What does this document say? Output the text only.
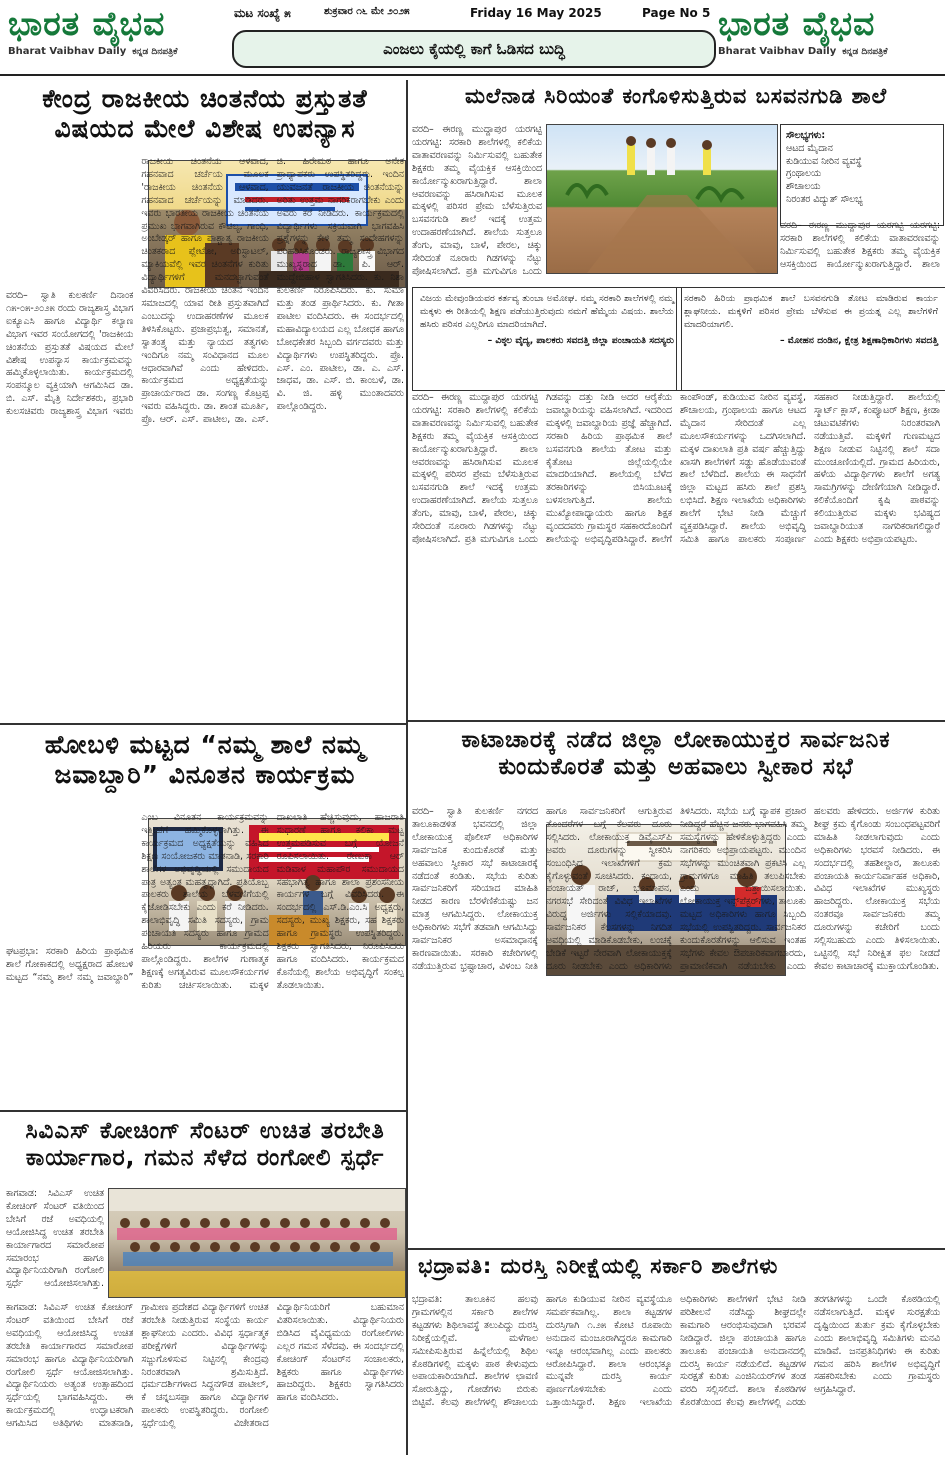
ಭಾರತ ವೈಭವ
Bharat Vaibhav Daily ಕನ್ನಡ ದಿನಪತ್ರಿಕೆ
ಮಟ ಸಂಖ್ಯೆ ೫	ಶುಕ್ರವಾರ ೧೬ ಮೇ ೨೦೨೫	Friday 16 May 2025	Page No 5
ಎಂಜಲು ಕೈಯಲ್ಲಿ ಕಾಗೆ ಓಡಿಸದ ಬುದ್ಧಿ
ಭಾರತ ವೈಭವ
Bharat Vaibhav Daily ಕನ್ನಡ ದಿನಪತ್ರಿಕೆ
ಕೇಂದ್ರ ರಾಜಕೀಯ ಚಿಂತನೆಯ ಪ್ರಸ್ತುತತೆ ವಿಷಯದ ಮೇಲೆ ವಿಶೇಷ ಉಪನ್ಯಾಸ
ವರದಿ– ಸ್ವಾತಿ ಕುಲಕರ್ಣಿ ದಿನಾಂಕ ೧೫-೦೫-೨೦೨೫ ರಂದು ರಾಜ್ಯಶಾಸ್ತ್ರ ವಿಭಾಗ ಐಕ್ಯೂಎಸಿ ಹಾಗೂ ವಿದ್ಯಾರ್ಥಿ ಕಲ್ಯಾಣ ವಿಭಾಗ ಇವರ ಸಂಯೋಗದಲ್ಲಿ 'ರಾಜಕೀಯ ಚಿಂತನೆಯ ಪ್ರಸ್ತುತತೆ ವಿಷಯದ ಮೇಲೆ ವಿಶೇಷ ಉಪನ್ಯಾಸ ಕಾರ್ಯಕ್ರಮವನ್ನು ಹಮ್ಮಿಕೊಳ್ಳಲಾಯಿತು. ಕಾರ್ಯಕ್ರಮದಲ್ಲಿ ಸಂಪನ್ಮೂಲ ವ್ಯಕ್ತಿಯಾಗಿ ಆಗಮಿಸಿದ ಡಾ. ಬಿ. ಎಸ್. ಮೈತ್ರಿ ನಿರ್ದೇಶಕರು, ಪ್ರಭಾರಿ ಕುಲಸಚಿವರು ರಾಜ್ಯಶಾಸ್ತ್ರ ವಿಭಾಗ ಇವರು ರಾಜಕೀಯ ಚಿಂತನೆಯ ಆಳವಾದ, ಗಹನವಾದ ಚರ್ಚೆಯ ಮೂಲಕ 'ರಾಜಕೀಯ ಚಿಂತನೆಯ ಆಳವಾದ, ಗಹನವಾದ ಚರ್ಚೆಯನ್ನು ಮಾಡಿದರು. ಇವರು ಭಾರತೀಯ ರಾಜಕೀಯ ಚಿಂತನೆಯ ಪ್ರಮುಖ ಭಾಗವಾಗಿರುವ ಕೌಟಿಲ್ಯ, ಗಾಂಧಿ, ಅಂಬೇಡ್ಕರ್ ಹಾಗೂ ಪಾಶ್ಚಾತ್ಯ ರಾಜಕೀಯ ಚಿಂತಕರಾದ ಪ್ಲೇಟೋ, ಅರಿಸ್ಟಾಟಲ್, ಮ್ಯಾಕಿಯವೆಲ್ಲಿ ಇವರ ಚಿಂತನೆಗಳ ಕುರಿತು ವಿದ್ಯಾರ್ಥಿಗಳಿಗೆ ಮನದಟ್ಟಾಗುವಂತೆ ವಿವರಿಸಿದರು. ರಾಜಕೀಯ ಚಿಂತನೆ ಇಂದಿನ ಸಮಾಜದಲ್ಲಿ ಯಾವ ರೀತಿ ಪ್ರಸ್ತುತವಾಗಿದೆ ಎಂಬುದನ್ನು ಉದಾಹರಣೆಗಳ ಮೂಲಕ ತಿಳಿಸಿಕೊಟ್ಟರು. ಪ್ರಜಾಪ್ರಭುತ್ವ, ಸಮಾನತೆ, ಸ್ವಾತಂತ್ರ್ಯ ಮತ್ತು ನ್ಯಾಯದ ತತ್ವಗಳು ಇಂದಿಗೂ ನಮ್ಮ ಸಂವಿಧಾನದ ಮೂಲ ಆಧಾರವಾಗಿವೆ ಎಂದು ಹೇಳಿದರು. ಕಾರ್ಯಕ್ರಮದ ಅಧ್ಯಕ್ಷತೆಯನ್ನು ಪ್ರಾಚಾರ್ಯರಾದ ಡಾ. ಸಂಗಣ್ಣ ಕೊಟ್ರಪ್ಪ ಇವರು ವಹಿಸಿದ್ದರು. ಡಾ. ಶಾಂತ ಮೂರ್ತಿ, ಪ್ರೊ. ಆರ್. ಎಸ್. ಪಾಟೀಲ, ಡಾ. ಎಸ್. ಜಿ. ಹಿರೇಮಠ ಹಾಗೂ ಅನೇಕ ಪ್ರಾಧ್ಯಾಪಕರು ಉಪಸ್ಥಿತರಿದ್ದರು. ಇಂದಿನ ಯುವಜನತೆ ರಾಜಕೀಯ ಚಿಂತನೆಯನ್ನು ಅರಿತು ಉತ್ತಮ ನಾಗರಿಕರಾಗಬೇಕು ಎಂದು ಅವರು ಕರೆ ನೀಡಿದರು. ಕಾರ್ಯಕ್ರಮದಲ್ಲಿ ವಿದ್ಯಾರ್ಥಿಗಳು ಸಕ್ರಿಯವಾಗಿ ಭಾಗವಹಿಸಿ ಪ್ರಶ್ನೆಗಳನ್ನು ಕೇಳಿ ತಮ್ಮ ಸಂದೇಹಗಳನ್ನು ಪರಿಹರಿಸಿಕೊಂಡರು. ರಾಜ್ಯಶಾಸ್ತ್ರ ವಿಭಾಗದ ಮುಖ್ಯಸ್ಥರಾದ ಡಾ. ಪಿ. ಆರ್. ಮುದ್ದೇಬಿಹಾಳ ಸ್ವಾಗತಿಸಿದರು. ಕು. ನಿಶಾ ಕುಲಕರ್ಣಿ ನಿರೂಪಿಸಿದರು. ಕು. ಸುಮಾ ಮತ್ತು ತಂಡ ಪ್ರಾರ್ಥಿಸಿದರು. ಕು. ಗೀತಾ ಪಾಟೀಲ ವಂದಿಸಿದರು. ಈ ಸಂದರ್ಭದಲ್ಲಿ ಮಹಾವಿದ್ಯಾಲಯದ ಎಲ್ಲ ಬೋಧಕ ಹಾಗೂ ಬೋಧಕೇತರ ಸಿಬ್ಬಂದಿ ವರ್ಗದವರು ಮತ್ತು ವಿದ್ಯಾರ್ಥಿಗಳು ಉಪಸ್ಥಿತರಿದ್ದರು. ಪ್ರೊ. ಎಸ್. ಎಂ. ಪಾಟೀಲ, ಡಾ. ಎ. ಎಸ್. ಜಾಧವ, ಡಾ. ಎಸ್. ಬಿ. ಕಾಂಬಳೆ, ಡಾ. ವಿ. ಜಿ. ಹಳ್ಳಿ ಮುಂತಾದವರು ಪಾಲ್ಗೊಂಡಿದ್ದರು.
ಮಲೆನಾಡ ಸಿರಿಯಂತೆ ಕಂಗೊಳಿಸುತ್ತಿರುವ ಬಸವನಗುಡಿ ಶಾಲೆ
ಸೌಲಭ್ಯಗಳು:
ಆಟದ ಮೈದಾನ
ಕುಡಿಯುವ ನೀರಿನ ವ್ಯವಸ್ಥೆ
ಗ್ರಂಥಾಲಯ
ಶೌಚಾಲಯ
ನಿರಂತರ ವಿದ್ಯುತ್ ಸೌಲಭ್ಯ
ವರದಿ– ಈರಣ್ಣ ಮುದ್ದಾಪುರ ಯರಗಟ್ಟಿ ಯರಗಟ್ಟಿ: ಸರಕಾರಿ ಶಾಲೆಗಳಲ್ಲಿ ಕಲಿಕೆಯ ವಾತಾವರಣವನ್ನು ನಿರ್ಮಿಸುವಲ್ಲಿ ಬಹುತೇಕ ಶಿಕ್ಷಕರು ತಮ್ಮ ವೈಯಕ್ತಿಕ ಆಸಕ್ತಿಯಿಂದ ಕಾರ್ಯೋನ್ಮುಖರಾಗುತ್ತಿದ್ದಾರೆ. ಶಾಲಾ ಆವರಣವನ್ನು ಹಸಿರಾಗಿಸುವ ಮೂಲಕ ಮಕ್ಕಳಲ್ಲಿ ಪರಿಸರ ಪ್ರೇಮ ಬೆಳೆಸುತ್ತಿರುವ ಬಸವನಗುಡಿ ಶಾಲೆ ಇದಕ್ಕೆ ಉತ್ತಮ ಉದಾಹರಣೆಯಾಗಿದೆ. ಶಾಲೆಯ ಸುತ್ತಲೂ ತೆಂಗು, ಮಾವು, ಬಾಳೆ, ಪೇರಲ, ಚಿಕ್ಕು ಸೇರಿದಂತೆ ನೂರಾರು ಗಿಡಗಳನ್ನು ನೆಟ್ಟು ಪೋಷಿಸಲಾಗಿದೆ. ಪ್ರತಿ ಮಗುವಿಗೂ ಒಂದು
ವರದಿ– ಈರಣ್ಣ ಮುದ್ದಾಪುರ ಯರಗಟ್ಟಿ ಯರಗಟ್ಟಿ: ಸರಕಾರಿ ಶಾಲೆಗಳಲ್ಲಿ ಕಲಿಕೆಯ ವಾತಾವರಣವನ್ನು ನಿರ್ಮಿಸುವಲ್ಲಿ ಬಹುತೇಕ ಶಿಕ್ಷಕರು ತಮ್ಮ ವೈಯಕ್ತಿಕ ಆಸಕ್ತಿಯಿಂದ ಕಾರ್ಯೋನ್ಮುಖರಾಗುತ್ತಿದ್ದಾರೆ. ಶಾಲಾ
ವಿಜಯ ಮೇವುಂಡಿಯವರ ಕರ್ತವ್ಯ ತುಂಬಾ ಅಮೋಘ. ನಮ್ಮ ಸರಕಾರಿ ಶಾಲೆಗಳಲ್ಲಿ ನಮ್ಮ ಮಕ್ಕಳು ಈ ರೀತಿಯಲ್ಲಿ ಶಿಕ್ಷಣ ಪಡೆಯುತ್ತಿರುವುದು ನಮಗೆ ಹೆಮ್ಮೆಯ ವಿಷಯ. ಶಾಲೆಯ ಹಸಿರು ಪರಿಸರ ಎಲ್ಲರಿಗೂ ಮಾದರಿಯಾಗಿದೆ.
– ವಿಠ್ಠಲ ವೈದ್ಯ, ಪಾಲಕರು ಸವದತ್ತಿ ಜಿಲ್ಲಾ ಪಂಚಾಯತಿ ಸದಸ್ಯರು
ಸರಕಾರಿ ಹಿರಿಯ ಪ್ರಾಥಮಿಕ ಶಾಲೆ ಬಸವನಗುಡಿ ತೋಟ ಮಾಡಿರುವ ಕಾರ್ಯ ಶ್ಲಾಘನೀಯ. ಮಕ್ಕಳಿಗೆ ಪರಿಸರ ಪ್ರೇಮ ಬೆಳೆಸುವ ಈ ಪ್ರಯತ್ನ ಎಲ್ಲ ಶಾಲೆಗಳಿಗೆ ಮಾದರಿಯಾಗಲಿ.
– ಮೋಹನ ದಂಡಿನ, ಕ್ಷೇತ್ರ ಶಿಕ್ಷಣಾಧಿಕಾರಿಗಳು ಸವದತ್ತಿ
ವರದಿ– ಈರಣ್ಣ ಮುದ್ದಾಪುರ ಯರಗಟ್ಟಿ ಯರಗಟ್ಟಿ: ಸರಕಾರಿ ಶಾಲೆಗಳಲ್ಲಿ ಕಲಿಕೆಯ ವಾತಾವರಣವನ್ನು ನಿರ್ಮಿಸುವಲ್ಲಿ ಬಹುತೇಕ ಶಿಕ್ಷಕರು ತಮ್ಮ ವೈಯಕ್ತಿಕ ಆಸಕ್ತಿಯಿಂದ ಕಾರ್ಯೋನ್ಮುಖರಾಗುತ್ತಿದ್ದಾರೆ. ಶಾಲಾ ಆವರಣವನ್ನು ಹಸಿರಾಗಿಸುವ ಮೂಲಕ ಮಕ್ಕಳಲ್ಲಿ ಪರಿಸರ ಪ್ರೇಮ ಬೆಳೆಸುತ್ತಿರುವ ಬಸವನಗುಡಿ ಶಾಲೆ ಇದಕ್ಕೆ ಉತ್ತಮ ಉದಾಹರಣೆಯಾಗಿದೆ. ಶಾಲೆಯ ಸುತ್ತಲೂ ತೆಂಗು, ಮಾವು, ಬಾಳೆ, ಪೇರಲ, ಚಿಕ್ಕು ಸೇರಿದಂತೆ ನೂರಾರು ಗಿಡಗಳನ್ನು ನೆಟ್ಟು ಪೋಷಿಸಲಾಗಿದೆ. ಪ್ರತಿ ಮಗುವಿಗೂ ಒಂದು ಗಿಡವನ್ನು ದತ್ತು ನೀಡಿ ಅದರ ಆರೈಕೆಯ ಜವಾಬ್ದಾರಿಯನ್ನು ವಹಿಸಲಾಗಿದೆ. ಇದರಿಂದ ಮಕ್ಕಳಲ್ಲಿ ಜವಾಬ್ದಾರಿಯ ಪ್ರಜ್ಞೆ ಹೆಚ್ಚಾಗಿದೆ. ಸರಕಾರಿ ಹಿರಿಯ ಪ್ರಾಥಮಿಕ ಶಾಲೆ ಬಸವನಗುಡಿ ಶಾಲೆಯ ತೋಟ ಮತ್ತು ಕೈತೋಟ ಜಿಲ್ಲೆಯಲ್ಲಿಯೇ ಮಾದರಿಯಾಗಿದೆ. ಶಾಲೆಯಲ್ಲಿ ಬೆಳೆದ ತರಕಾರಿಗಳನ್ನು ಬಿಸಿಯೂಟಕ್ಕೆ ಬಳಸಲಾಗುತ್ತಿದೆ. ಶಾಲೆಯ ಮುಖ್ಯೋಪಾಧ್ಯಾಯರು ಹಾಗೂ ಶಿಕ್ಷಕ ವೃಂದದವರು ಗ್ರಾಮಸ್ಥರ ಸಹಕಾರದೊಂದಿಗೆ ಶಾಲೆಯನ್ನು ಅಭಿವೃದ್ಧಿಪಡಿಸಿದ್ದಾರೆ. ಶಾಲೆಗೆ ಕಾಂಪೌಂಡ್, ಕುಡಿಯುವ ನೀರಿನ ವ್ಯವಸ್ಥೆ, ಶೌಚಾಲಯ, ಗ್ರಂಥಾಲಯ ಹಾಗೂ ಆಟದ ಮೈದಾನ ಸೇರಿದಂತೆ ಎಲ್ಲ ಮೂಲಸೌಕರ್ಯಗಳನ್ನು ಒದಗಿಸಲಾಗಿದೆ. ಮಕ್ಕಳ ದಾಖಲಾತಿ ಪ್ರತಿ ವರ್ಷ ಹೆಚ್ಚುತ್ತಿದ್ದು ಖಾಸಗಿ ಶಾಲೆಗಳಿಗೆ ಸಡ್ಡು ಹೊಡೆಯುವಂತೆ ಶಾಲೆ ಬೆಳೆದಿದೆ. ಶಾಲೆಯ ಈ ಸಾಧನೆಗೆ ಜಿಲ್ಲಾ ಮಟ್ಟದ ಹಸಿರು ಶಾಲೆ ಪ್ರಶಸ್ತಿ ಲಭಿಸಿದೆ. ಶಿಕ್ಷಣ ಇಲಾಖೆಯ ಅಧಿಕಾರಿಗಳು ಶಾಲೆಗೆ ಭೇಟಿ ನೀಡಿ ಮೆಚ್ಚುಗೆ ವ್ಯಕ್ತಪಡಿಸಿದ್ದಾರೆ. ಶಾಲೆಯ ಅಭಿವೃದ್ಧಿ ಸಮಿತಿ ಹಾಗೂ ಪಾಲಕರು ಸಂಪೂರ್ಣ ಸಹಕಾರ ನೀಡುತ್ತಿದ್ದಾರೆ. ಶಾಲೆಯಲ್ಲಿ ಸ್ಮಾರ್ಟ್ ಕ್ಲಾಸ್, ಕಂಪ್ಯೂಟರ್ ಶಿಕ್ಷಣ, ಕ್ರೀಡಾ ಚಟುವಟಿಕೆಗಳು ನಿರಂತರವಾಗಿ ನಡೆಯುತ್ತಿವೆ. ಮಕ್ಕಳಿಗೆ ಗುಣಮಟ್ಟದ ಶಿಕ್ಷಣ ನೀಡುವ ನಿಟ್ಟಿನಲ್ಲಿ ಶಾಲೆ ಸದಾ ಮುಂಚೂಣಿಯಲ್ಲಿದೆ. ಗ್ರಾಮದ ಹಿರಿಯರು, ಹಳೆಯ ವಿದ್ಯಾರ್ಥಿಗಳು ಶಾಲೆಗೆ ಅಗತ್ಯ ಸಾಮಗ್ರಿಗಳನ್ನು ದೇಣಿಗೆಯಾಗಿ ನೀಡಿದ್ದಾರೆ. ಕಲಿಕೆಯೊಂದಿಗೆ ಕೃಷಿ ಪಾಠವನ್ನು ಕಲಿಯುತ್ತಿರುವ ಮಕ್ಕಳು ಭವಿಷ್ಯದ ಜವಾಬ್ದಾರಿಯುತ ನಾಗರಿಕರಾಗಲಿದ್ದಾರೆ ಎಂದು ಶಿಕ್ಷಕರು ಅಭಿಪ್ರಾಯಪಟ್ಟರು.
ಹೋಬಳಿ ಮಟ್ಟದ “ನಮ್ಮ ಶಾಲೆ ನಮ್ಮ ಜವಾಬ್ದಾರಿ” ವಿನೂತನ ಕಾರ್ಯಕ್ರಮ
ಘಟಪ್ರಭಾ: ಸರಕಾರಿ ಹಿರಿಯ ಪ್ರಾಥಮಿಕ ಶಾಲೆ ಗೋಕಾಕದಲ್ಲಿ ಅಧ್ಯಕ್ಷರಾದ ಹೋಬಳಿ ಮಟ್ಟದ “ನಮ್ಮ ಶಾಲೆ ನಮ್ಮ ಜವಾಬ್ದಾರಿ” ಎಂಬ ವಿನೂತನ ಕಾರ್ಯಕ್ರಮವನ್ನು ಇತ್ತೀಚೆಗೆ ಹಮ್ಮಿಕೊಳ್ಳಲಾಗಿತ್ತು. ಈ ಕಾರ್ಯಕ್ರಮದ ಅಧ್ಯಕ್ಷತೆಯನ್ನು ವಹಿಸಿದ ಶಿಕ್ಷಣ ಸಂಯೋಜಕರು ಮಾತನಾಡಿ, ಸರಕಾರಿ ಶಾಲೆಗಳ ಅಭಿವೃದ್ಧಿಯಲ್ಲಿ ಸಮುದಾಯದ ಪಾತ್ರ ಅತ್ಯಂತ ಮಹತ್ವದ್ದಾಗಿದೆ. ಪ್ರತಿಯೊಬ್ಬ ಪಾಲಕರು ಶಾಲೆಯ ಬೆಳವಣಿಗೆಯಲ್ಲಿ ಕೈಜೋಡಿಸಬೇಕು ಎಂದು ಕರೆ ನೀಡಿದರು. ಶಾಲಾಭಿವೃದ್ಧಿ ಸಮಿತಿ ಸದಸ್ಯರು, ಗ್ರಾಮ ಪಂಚಾಯತಿ ಸದಸ್ಯರು ಹಾಗೂ ಗ್ರಾಮದ ಹಿರಿಯರು ಕಾರ್ಯಕ್ರಮದಲ್ಲಿ ಪಾಲ್ಗೊಂಡಿದ್ದರು. ಶಾಲೆಗಳ ಗುಣಾತ್ಮಕ ಶಿಕ್ಷಣಕ್ಕೆ ಅಗತ್ಯವಿರುವ ಮೂಲಸೌಕರ್ಯಗಳ ಕುರಿತು ಚರ್ಚಿಸಲಾಯಿತು. ಮಕ್ಕಳ ದಾಖಲಾತಿ ಹೆಚ್ಚಿಸುವುದು, ಹಾಜರಾತಿ ಸುಧಾರಣೆ ಹಾಗೂ ಕಲಿಕಾ ಮಟ್ಟ ಉತ್ತಮಪಡಿಸುವ ಬಗ್ಗೆ ಯೋಜನೆ ರೂಪಿಸಲಾಯಿತು. ರೇಣುಕಾ ಆರ್ ಮಡಿವಾಳ ಮಹಾಪೌರ ಸಮುದಾಯದ ಸಹಭಾಗಿತ್ವ ಹಾಗೂ ಶಾಲಾ ಪ್ರಶಂಸನೀಯ ಕಾರ್ಯಗಳ ಬಗ್ಗೆ ವಿವರಿಸಿದರು. ಈ ಸಂದರ್ಭದಲ್ಲಿ ಎಸ್.ಡಿ.ಎಂ.ಸಿ ಅಧ್ಯಕ್ಷರು, ಸದಸ್ಯರು, ಮುಖ್ಯ ಶಿಕ್ಷಕರು, ಸಹ ಶಿಕ್ಷಕರು ಹಾಗೂ ಗ್ರಾಮಸ್ಥರು ಉಪಸ್ಥಿತರಿದ್ದರು. ಶಿಕ್ಷಕರು ಸ್ವಾಗತಿಸಿದರು, ನಿರೂಪಿಸಿದರು ಹಾಗೂ ವಂದಿಸಿದರು. ಕಾರ್ಯಕ್ರಮದ ಕೊನೆಯಲ್ಲಿ ಶಾಲೆಯ ಅಭಿವೃದ್ಧಿಗೆ ಸಂಕಲ್ಪ ತೊಡಲಾಯಿತು.
ಕಾಟಾಚಾರಕ್ಕೆ ನಡೆದ ಜಿಲ್ಲಾ ಲೋಕಾಯುಕ್ತರ ಸಾರ್ವಜನಿಕ ಕುಂದುಕೊರತೆ ಮತ್ತು ಅಹವಾಲು ಸ್ವೀಕಾರ ಸಭೆ
ವರದಿ– ಸ್ವಾತಿ ಕುಲಕರ್ಣಿ ನಗರದ ತಾಲೂಕಾಡಳಿತ ಭವನದಲ್ಲಿ ಜಿಲ್ಲಾ ಲೋಕಾಯುಕ್ತ ಪೊಲೀಸ್ ಅಧಿಕಾರಿಗಳ ಸಾರ್ವಜನಿಕ ಕುಂದುಕೊರತೆ ಮತ್ತು ಅಹವಾಲು ಸ್ವೀಕಾರ ಸಭೆ ಕಾಟಾಚಾರಕ್ಕೆ ನಡೆದಂತೆ ಕಂಡಿತು. ಸಭೆಯ ಕುರಿತು ಸಾರ್ವಜನಿಕರಿಗೆ ಸರಿಯಾದ ಮಾಹಿತಿ ನೀಡದ ಕಾರಣ ಬೆರಳೆಣಿಕೆಯಷ್ಟು ಜನ ಮಾತ್ರ ಆಗಮಿಸಿದ್ದರು. ಲೋಕಾಯುಕ್ತ ಅಧಿಕಾರಿಗಳು ಸಭೆಗೆ ತಡವಾಗಿ ಆಗಮಿಸಿದ್ದು ಸಾರ್ವಜನಿಕರ ಅಸಮಾಧಾನಕ್ಕೆ ಕಾರಣವಾಯಿತು. ಸರಕಾರಿ ಕಚೇರಿಗಳಲ್ಲಿ ನಡೆಯುತ್ತಿರುವ ಭ್ರಷ್ಟಾಚಾರ, ವಿಳಂಬ ನೀತಿ ಹಾಗೂ ಸಾರ್ವಜನಿಕರಿಗೆ ಆಗುತ್ತಿರುವ ತೊಂದರೆಗಳ ಬಗ್ಗೆ ಕೆಲವರು ದೂರು ಸಲ್ಲಿಸಿದರು. ಲೋಕಾಯುಕ್ತ ಡಿವೈಎಸ್‌ಪಿ ಅವರು ದೂರುಗಳನ್ನು ಸ್ವೀಕರಿಸಿ ಸಂಬಂಧಿಸಿದ ಇಲಾಖೆಗಳಿಗೆ ಕ್ರಮ ಕೈಗೊಳ್ಳುವಂತೆ ಸೂಚಿಸಿದರು. ಕಂದಾಯ, ಪಂಚಾಯತ್ ರಾಜ್, ಭೂಮಾಪನ, ನಗರಸಭೆ ಸೇರಿದಂತೆ ವಿವಿಧ ಇಲಾಖೆಗಳ ವಿರುದ್ಧ ಅರ್ಜಿಗಳು ಸಲ್ಲಿಕೆಯಾದವು. ಸಾರ್ವಜನಿಕರ ಕೆಲಸಗಳನ್ನು ನಿಗದಿತ ಅವಧಿಯಲ್ಲಿ ಮಾಡಿಕೊಡಬೇಕು, ಲಂಚಕ್ಕೆ ಬೇಡಿಕೆ ಇಟ್ಟರೆ ನೇರವಾಗಿ ಲೋಕಾಯುಕ್ತಕ್ಕೆ ದೂರು ನೀಡಬೇಕು ಎಂದು ಅಧಿಕಾರಿಗಳು ತಿಳಿಸಿದರು. ಸಭೆಯ ಬಗ್ಗೆ ವ್ಯಾಪಕ ಪ್ರಚಾರ ನೀಡಿದ್ದರೆ ಹೆಚ್ಚಿನ ಜನರು ಭಾಗವಹಿಸಿ ತಮ್ಮ ಸಮಸ್ಯೆಗಳನ್ನು ಹೇಳಿಕೊಳ್ಳುತ್ತಿದ್ದರು ಎಂದು ನಾಗರಿಕರು ಅಭಿಪ್ರಾಯಪಟ್ಟರು. ಮುಂದಿನ ಸಭೆಗಳನ್ನು ಮುಂಚಿತವಾಗಿ ಪ್ರಕಟಿಸಿ ಎಲ್ಲ ಗ್ರಾಮಗಳಿಗೂ ಮಾಹಿತಿ ತಲುಪಿಸಬೇಕು ಎಂದು ಒತ್ತಾಯಿಸಲಾಯಿತು. ಲೋಕಾಯುಕ್ತ ಇನ್ಸ್‌ಪೆಕ್ಟರ್‌ಗಳು, ತಾಲೂಕು ಮಟ್ಟದ ಅಧಿಕಾರಿಗಳು ಹಾಗೂ ಸಿಬ್ಬಂದಿ ಸಭೆಯಲ್ಲಿ ಉಪಸ್ಥಿತರಿದ್ದರು. ಸಾರ್ವಜನಿಕರ ಕುಂದುಕೊರತೆಗಳನ್ನು ಆಲಿಸುವ ಇಂತಹ ಸಭೆಗಳು ಕೇವಲ ಔಪಚಾರಿಕವಾಗಬಾರದು, ಪ್ರಾಮಾಣಿಕವಾಗಿ ನಡೆಯಬೇಕು ಎಂದು ಹಲವರು ಹೇಳಿದರು. ಅರ್ಜಿಗಳ ಕುರಿತು ಶೀಘ್ರ ಕ್ರಮ ಕೈಗೊಂಡು ಸಂಬಂಧಪಟ್ಟವರಿಗೆ ಮಾಹಿತಿ ನೀಡಲಾಗುವುದು ಎಂದು ಅಧಿಕಾರಿಗಳು ಭರವಸೆ ನೀಡಿದರು. ಈ ಸಂದರ್ಭದಲ್ಲಿ ತಹಶೀಲ್ದಾರ, ತಾಲೂಕು ಪಂಚಾಯತಿ ಕಾರ್ಯನಿರ್ವಾಹಕ ಅಧಿಕಾರಿ, ವಿವಿಧ ಇಲಾಖೆಗಳ ಮುಖ್ಯಸ್ಥರು ಹಾಜರಿದ್ದರು. ಲೋಕಾಯುಕ್ತ ಸಭೆಯ ನಂತರವೂ ಸಾರ್ವಜನಿಕರು ತಮ್ಮ ದೂರುಗಳನ್ನು ಕಚೇರಿಗೆ ಬಂದು ಸಲ್ಲಿಸಬಹುದು ಎಂದು ತಿಳಿಸಲಾಯಿತು. ಒಟ್ಟಿನಲ್ಲಿ ಸಭೆ ನಿರೀಕ್ಷಿತ ಫಲ ನೀಡದೆ ಕೇವಲ ಕಾಟಾಚಾರಕ್ಕೆ ಮುಕ್ತಾಯಗೊಂಡಿತು.
ಸಿವಿಎಸ್ ಕೋಚಿಂಗ್ ಸೆಂಟರ್ ಉಚಿತ ತರಬೇತಿ ಕಾರ್ಯಾಗಾರ, ಗಮನ ಸೆಳೆದ ರಂಗೋಲಿ ಸ್ಪರ್ಧೆ
ಕಾಗವಾಡ: ಸಿವಿಎಸ್ ಉಚಿತ ಕೋಚಿಂಗ್ ಸೆಂಟರ್ ವತಿಯಿಂದ ಬೇಸಿಗೆ ರಜೆ ಅವಧಿಯಲ್ಲಿ ಆಯೋಜಿಸಿದ್ದ ಉಚಿತ ತರಬೇತಿ ಕಾರ್ಯಾಗಾರದ ಸಮಾರೋಪ ಸಮಾರಂಭ ಹಾಗೂ ವಿದ್ಯಾರ್ಥಿನಿಯರಿಗಾಗಿ ರಂಗೋಲಿ ಸ್ಪರ್ಧೆ ಆಯೋಜಿಸಲಾಗಿತ್ತು.
ಕಾಗವಾಡ: ಸಿವಿಎಸ್ ಉಚಿತ ಕೋಚಿಂಗ್ ಸೆಂಟರ್ ವತಿಯಿಂದ ಬೇಸಿಗೆ ರಜೆ ಅವಧಿಯಲ್ಲಿ ಆಯೋಜಿಸಿದ್ದ ಉಚಿತ ತರಬೇತಿ ಕಾರ್ಯಾಗಾರದ ಸಮಾರೋಪ ಸಮಾರಂಭ ಹಾಗೂ ವಿದ್ಯಾರ್ಥಿನಿಯರಿಗಾಗಿ ರಂಗೋಲಿ ಸ್ಪರ್ಧೆ ಆಯೋಜಿಸಲಾಗಿತ್ತು. ವಿದ್ಯಾರ್ಥಿನಿಯರು ಅತ್ಯಂತ ಉತ್ಸಾಹದಿಂದ ಸ್ಪರ್ಧೆಯಲ್ಲಿ ಭಾಗವಹಿಸಿದ್ದರು. ಈ ಕಾರ್ಯಕ್ರಮದಲ್ಲಿ ಉದ್ಘಾಟಕರಾಗಿ ಆಗಮಿಸಿದ ಅತಿಥಿಗಳು ಮಾತನಾಡಿ, ಗ್ರಾಮೀಣ ಪ್ರದೇಶದ ವಿದ್ಯಾರ್ಥಿಗಳಿಗೆ ಉಚಿತ ತರಬೇತಿ ನೀಡುತ್ತಿರುವ ಸಂಸ್ಥೆಯ ಕಾರ್ಯ ಶ್ಲಾಘನೀಯ ಎಂದರು. ವಿವಿಧ ಸ್ಪರ್ಧಾತ್ಮಕ ಪರೀಕ್ಷೆಗಳಿಗೆ ವಿದ್ಯಾರ್ಥಿಗಳನ್ನು ಸಜ್ಜುಗೊಳಿಸುವ ನಿಟ್ಟಿನಲ್ಲಿ ಕೇಂದ್ರವು ನಿರಂತರವಾಗಿ ಶ್ರಮಿಸುತ್ತಿದೆ. ಧರ್ಮದರ್ಶಿಗಳಾದ ಸಿದ್ದನಗೌಡ ಪಾಟೀಲ್, ಕೆ ಚನ್ನಬಸಪ್ಪಾ ಹಾಗೂ ವಿದ್ಯಾರ್ಥಿಗಳ ಪಾಲಕರು ಉಪಸ್ಥಿತರಿದ್ದರು. ರಂಗೋಲಿ ಸ್ಪರ್ಧೆಯಲ್ಲಿ ವಿಜೇತರಾದ ವಿದ್ಯಾರ್ಥಿನಿಯರಿಗೆ ಬಹುಮಾನ ವಿತರಿಸಲಾಯಿತು. ವಿದ್ಯಾರ್ಥಿನಿಯರು ಬಿಡಿಸಿದ ವೈವಿಧ್ಯಮಯ ರಂಗೋಲಿಗಳು ಎಲ್ಲರ ಗಮನ ಸೆಳೆದವು. ಈ ಸಂದರ್ಭದಲ್ಲಿ ಕೋಚಿಂಗ್ ಸೆಂಟರ್‌ನ ಸಂಚಾಲಕರು, ಶಿಕ್ಷಕರು ಹಾಗೂ ವಿದ್ಯಾರ್ಥಿಗಳು ಹಾಜರಿದ್ದರು. ಶಿಕ್ಷಕರು ಸ್ವಾಗತಿಸಿದರು ಹಾಗೂ ವಂದಿಸಿದರು.
ಭದ್ರಾವತಿ: ದುರಸ್ತಿ ನಿರೀಕ್ಷೆಯಲ್ಲಿ ಸರ್ಕಾರಿ ಶಾಲೆಗಳು
ಭದ್ರಾವತಿ: ತಾಲೂಕಿನ ಹಲವು ಗ್ರಾಮಗಳಲ್ಲಿನ ಸರ್ಕಾರಿ ಶಾಲೆಗಳ ಕಟ್ಟಡಗಳು ಶಿಥಿಲಾವಸ್ಥೆ ತಲುಪಿದ್ದು ದುರಸ್ತಿ ನಿರೀಕ್ಷೆಯಲ್ಲಿವೆ. ಮಳೆಗಾಲ ಸಮೀಪಿಸುತ್ತಿರುವ ಹಿನ್ನೆಲೆಯಲ್ಲಿ ಶಿಥಿಲ ಕೊಠಡಿಗಳಲ್ಲಿ ಮಕ್ಕಳು ಪಾಠ ಕೇಳುವುದು ಅಪಾಯಕಾರಿಯಾಗಿದೆ. ಶಾಲೆಗಳ ಛಾವಣಿ ಸೋರುತ್ತಿದ್ದು, ಗೋಡೆಗಳು ಬಿರುಕು ಬಿಟ್ಟಿವೆ. ಕೆಲವು ಶಾಲೆಗಳಲ್ಲಿ ಶೌಚಾಲಯ ಹಾಗೂ ಕುಡಿಯುವ ನೀರಿನ ವ್ಯವಸ್ಥೆಯೂ ಸಮರ್ಪಕವಾಗಿಲ್ಲ. ಶಾಲಾ ಕಟ್ಟಡಗಳ ದುರಸ್ತಿಗಾಗಿ ೧.೨೫ ಕೋಟಿ ರೂಪಾಯಿ ಅನುದಾನ ಮಂಜೂರಾಗಿದ್ದರೂ ಕಾಮಗಾರಿ ಇನ್ನೂ ಆರಂಭವಾಗಿಲ್ಲ ಎಂದು ಪಾಲಕರು ಆರೋಪಿಸಿದ್ದಾರೆ. ಶಾಲಾ ಆರಂಭಕ್ಕೂ ಮುನ್ನವೇ ದುರಸ್ತಿ ಕಾರ್ಯ ಪೂರ್ಣಗೊಳಿಸಬೇಕು ಎಂದು ಒತ್ತಾಯಿಸಿದ್ದಾರೆ. ಶಿಕ್ಷಣ ಇಲಾಖೆಯ ಅಧಿಕಾರಿಗಳು ಶಾಲೆಗಳಿಗೆ ಭೇಟಿ ನೀಡಿ ಪರಿಶೀಲನೆ ನಡೆಸಿದ್ದು ಶೀಘ್ರದಲ್ಲೇ ಕಾಮಗಾರಿ ಆರಂಭಿಸುವುದಾಗಿ ಭರವಸೆ ನೀಡಿದ್ದಾರೆ. ಜಿಲ್ಲಾ ಪಂಚಾಯತಿ ಹಾಗೂ ತಾಲೂಕು ಪಂಚಾಯತಿ ಅನುದಾನದಲ್ಲಿ ದುರಸ್ತಿ ಕಾರ್ಯ ನಡೆಯಲಿದೆ. ಕಟ್ಟಡಗಳ ಸುರಕ್ಷತೆ ಕುರಿತು ಎಂಜಿನಿಯರ್‌ಗಳ ತಂಡ ವರದಿ ಸಲ್ಲಿಸಲಿದೆ. ಶಾಲಾ ಕೊಠಡಿಗಳ ಕೊರತೆಯಿಂದ ಕೆಲವು ಶಾಲೆಗಳಲ್ಲಿ ಎರಡು ತರಗತಿಗಳನ್ನು ಒಂದೇ ಕೊಠಡಿಯಲ್ಲಿ ನಡೆಸಲಾಗುತ್ತಿದೆ. ಮಕ್ಕಳ ಸುರಕ್ಷತೆಯ ದೃಷ್ಟಿಯಿಂದ ತುರ್ತು ಕ್ರಮ ಕೈಗೊಳ್ಳಬೇಕು ಎಂದು ಶಾಲಾಭಿವೃದ್ಧಿ ಸಮಿತಿಗಳು ಮನವಿ ಮಾಡಿವೆ. ಜನಪ್ರತಿನಿಧಿಗಳು ಈ ಕುರಿತು ಗಮನ ಹರಿಸಿ ಶಾಲೆಗಳ ಅಭಿವೃದ್ಧಿಗೆ ಸಹಕರಿಸಬೇಕು ಎಂದು ಗ್ರಾಮಸ್ಥರು ಆಗ್ರಹಿಸಿದ್ದಾರೆ.
